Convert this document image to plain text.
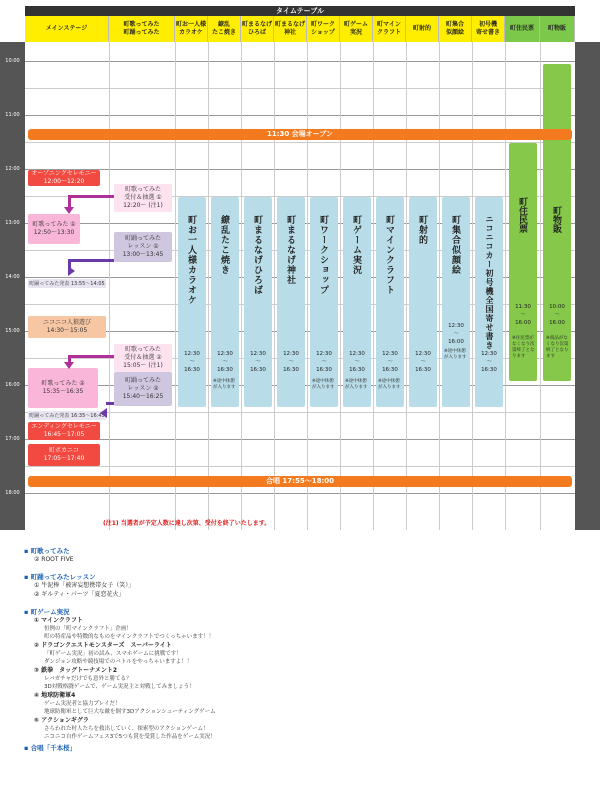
タイムテーブル
メインステージ
町歌ってみた
町踊ってみた
町お一人様
カラオケ
繚乱
たこ焼き
町まるなげ
ひろば
町まるなげ
神社
町ワーク
ショップ
町ゲーム
実況
町マイン
クラフト
町射的
町集合
似顔絵
初号機
寄せ書き
町住民票	町物販
10:00
11:00
12:00
13:00
14:00
15:00
16:00
17:00
18:00
町住民票
11:30
〜
16:00
※住民票が
なくなり次
第終了とな
ります
町物販
10:00
〜
16:00
※商品がな
くなり次第
終了となり
ます
11:30 会場オープン
町お一人様カラオケ
12:30
〜
16:30
繚乱たこ焼き
12:30
〜
16:30
※途中休憩
が入ります
町まるなげひろば
12:30
〜
16:30
町まるなげ神社
12:30
〜
16:30
町ワークショップ
12:30
〜
16:30
※途中休憩
が入ります
町ゲーム実況
12:30
〜
16:30
※途中休憩
が入ります
町マインクラフト
12:30
〜
16:30
※途中休憩
が入ります
町射的
12:30
〜
16:30
町集合似顔絵
12:30
〜
16:00
※途中休憩
が入ります
ニコニコカー初号機全国寄せ書き
12:30
〜
16:30
オープニングセレモニー
12:00〜12:20
町歌ってみた ①
12:50〜13:30
町踊ってみた発表 13:55〜14:05
ニコニコ人狼遊び
14:30〜15:05
町歌ってみた ②
15:35〜16:35
町踊ってみた発表 16:35〜16:45
エンディングセレモニー
16:45〜17:05
町ボカニコ
17:05〜17:40
町歌ってみた
受付＆抽選 ①
12:20〜 (注1)
町踊ってみた
レッスン ①
13:00〜13:45
町歌ってみた
受付＆抽選 ②
15:05〜 (注1)
町踊ってみた
レッスン ②
15:40〜16:25
合唱 17:55〜18:00
(注1) 当選者が予定人数に達し次第、受付を終了いたします。
▪ 町歌ってみた
② ROOT FIVE
▪ 町踊ってみたレッスン
① 牛泥棒「被害妄想携帯女子（笑）」
② ギルティ・パーツ「夏恋花火」
▪ 町ゲーム実況
① マインクラフト
恒例の「町マインクラフト」企画！
町の特産品や特徴的なものをマインクラフトでつくっちゃいます！！
② ドラゴンクエストモンスターズ　スーパーライト
「町ゲーム実況」初の試み、スマホゲームに挑戦です！
ダンジョン攻略や競技場でのバトルをやっちゃいますよ！！
③ 鉄拳　タッグトーナメント2
レバガチャだけでも意外と勝てる？
3D対戦格闘ゲームで、ゲーム実況主と対戦してみましょう！
④ 地球防衛軍4
ゲーム実況者と協力プレイだ！
地球防衛軍として巨大な敵を倒す3Dアクションシューティングゲーム
⑤ アクションギグラ
さらわれた村人たちを救出していく、探索型のアクションゲーム！
ニコニコ自作ゲームフェス3で5つも賞を受賞した作品をゲーム実況！
▪ 合唱「千本桜」
